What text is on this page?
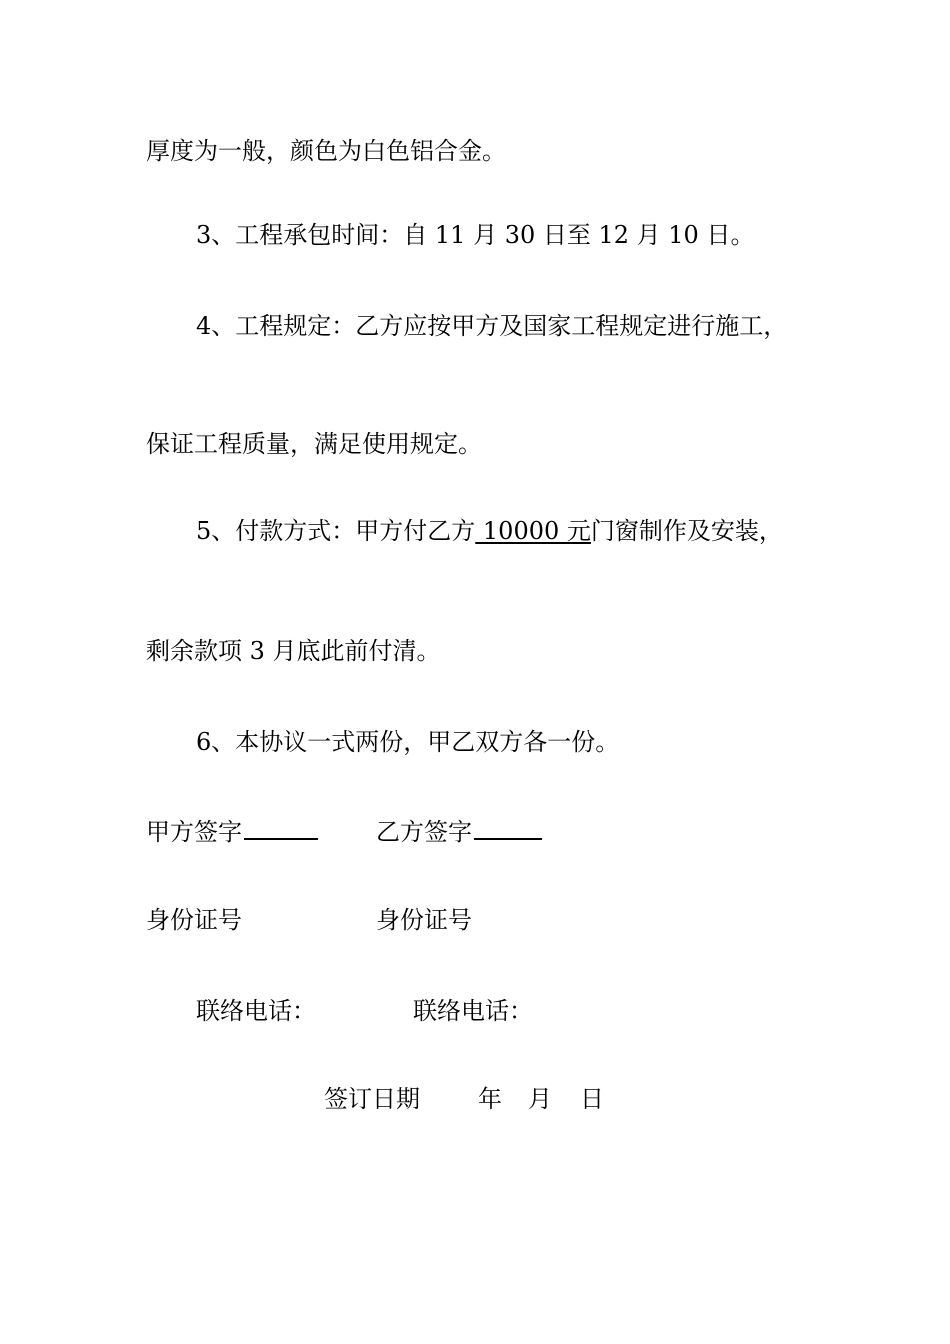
厚度为一般，颜色为白色铝合金。
3、工程承包时间：自 11 月 30 日至 12 月 10 日。
4、工程规定：乙方应按甲方及国家工程规定进行施工，
保证工程质量，满足使用规定。
5、付款方式：甲方付乙方 10000 元门窗制作及安装，
剩余款项 3 月底此前付清。
6、本协议一式两份，甲乙双方各一份。
甲方签字	乙方签字
身份证号	身份证号
联络电话：	联络电话：
签订日期 年 月 日
